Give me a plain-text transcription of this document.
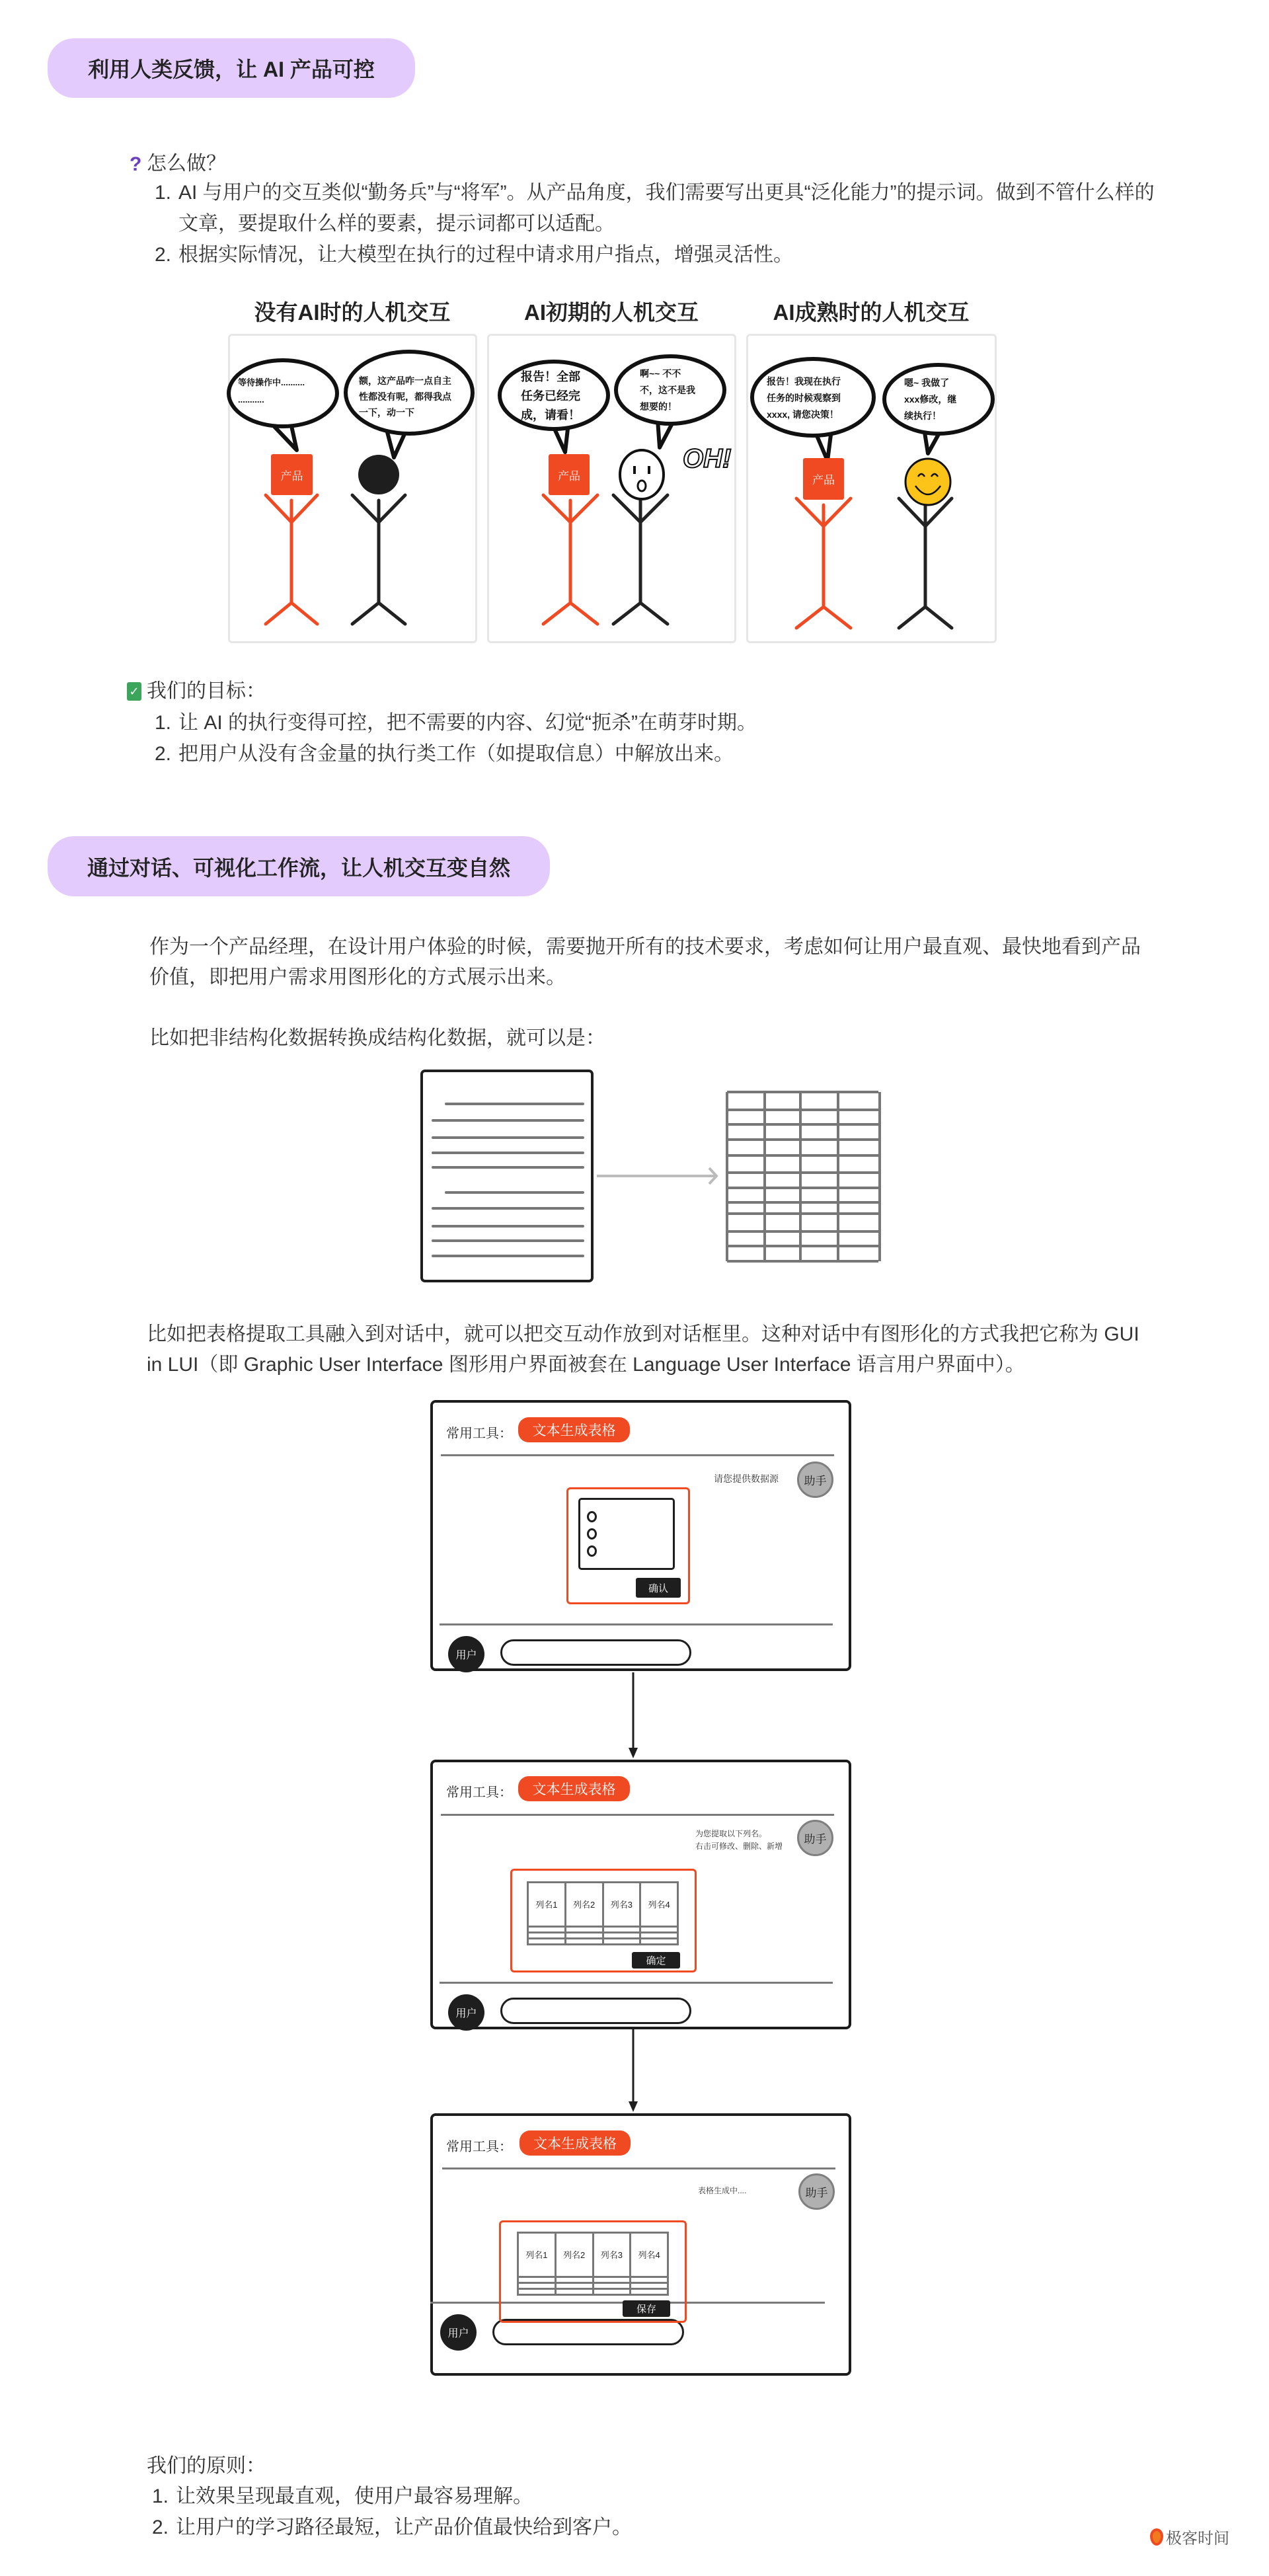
利用人类反馈，让 AI 产品可控
? 怎么做？
1. AI 与用户的交互类似“勤务兵”与“将军”。从产品角度，我们需要写出更具“泛化能力”的提示词。做到不管什么样的文章，要提取什么样的要素，提示词都可以适配。
2. 根据实际情况，让大模型在执行的过程中请求用户指点，增强灵活性。
没有AI时的人机交互	AI初期的人机交互	AI成熟时的人机交互
产品	产品	产品
等待操作中..........
...........
额，这产品咋一点自主
性都没有呢，都得我点
一下，动一下
报告！全部
任务已经完
成，请看！
啊~~ 不不
不，这不是我
想要的！
OH!
报告！我现在执行
任务的时候观察到
xxxx, 请您决策！
嗯~ 我做了
xxx修改，继
续执行！
✓ 我们的目标：
1. 让 AI 的执行变得可控，把不需要的内容、幻觉“扼杀”在萌芽时期。
2. 把用户从没有含金量的执行类工作（如提取信息）中解放出来。
通过对话、可视化工作流，让人机交互变自然
作为一个产品经理，在设计用户体验的时候，需要抛开所有的技术要求，考虑如何让用户最直观、最快地看到产品价值，即把用户需求用图形化的方式展示出来。
比如把非结构化数据转换成结构化数据，就可以是：
比如把表格提取工具融入到对话中，就可以把交互动作放到对话框里。这种对话中有图形化的方式我把它称为 GUI in LUI（即 Graphic User Interface 图形用户界面被套在 Language User Interface 语言用户界面中）。
常用工具：	文本生成表格
请您提供数据源	助手
确认
用户
常用工具：	文本生成表格
为您提取以下列名。
右击可修改、删除、新增
助手
列名1	列名2	列名3	列名4

确定
用户
常用工具：	文本生成表格
表格生成中....	助手
用户
列名1	列名2	列名3	列名4

保存
我们的原则：
1. 让效果呈现最直观，使用户最容易理解。
2. 让用户的学习路径最短，让产品价值最快给到客户。
极客时间
